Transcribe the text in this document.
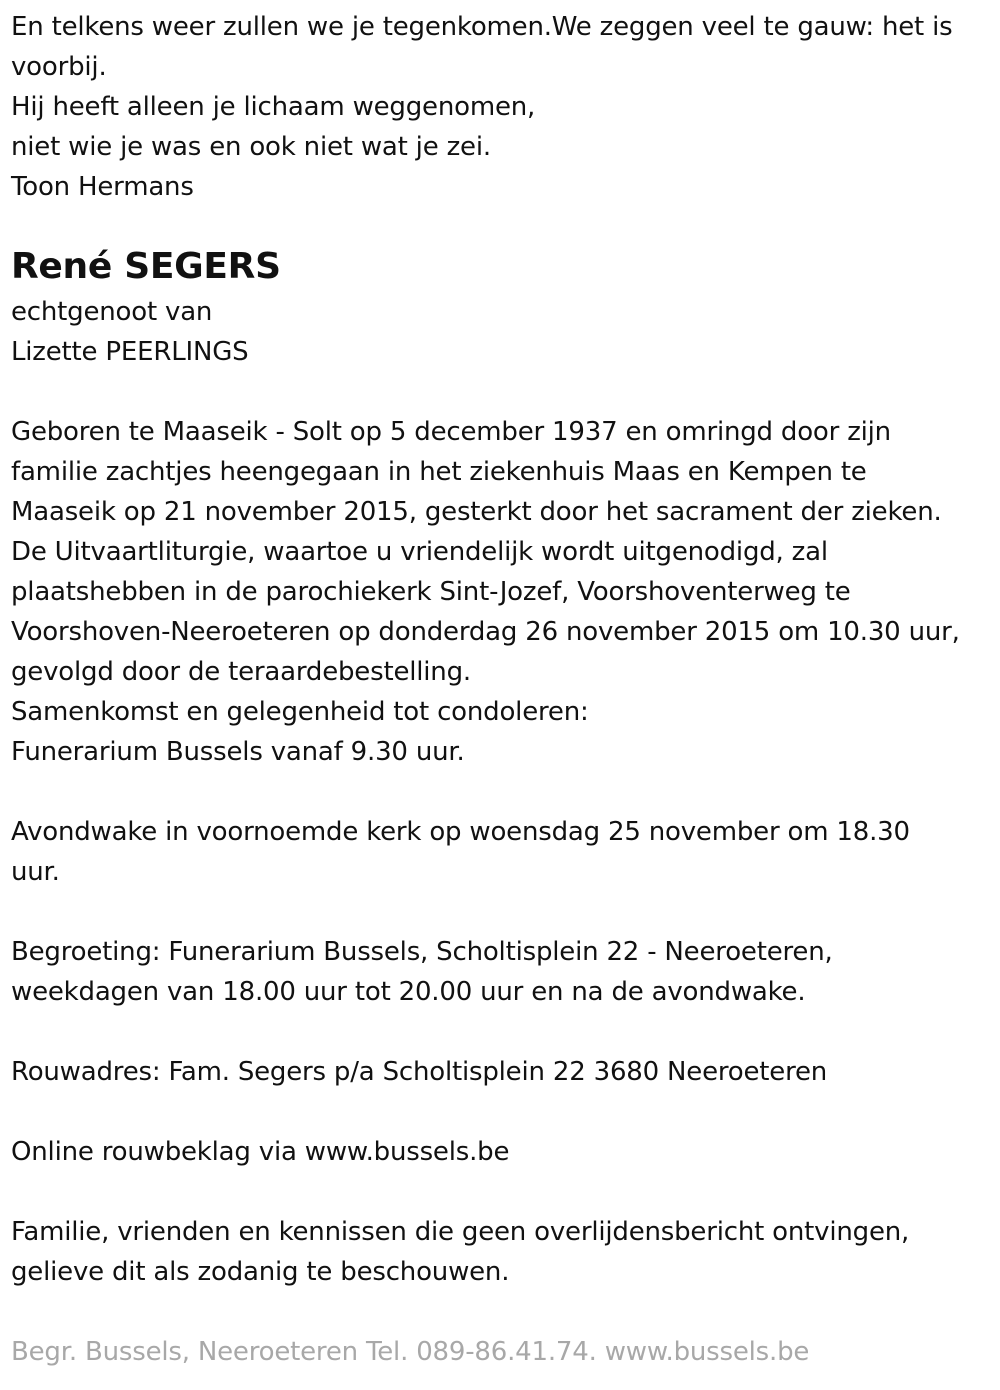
En telkens weer zullen we je tegenkomen.We zeggen veel te gauw: het is
voorbij.
Hij heeft alleen je lichaam weggenomen,
niet wie je was en ook niet wat je zei.
Toon Hermans
René SEGERS
echtgenoot van
Lizette PEERLINGS
Geboren te Maaseik - Solt op 5 december 1937 en omringd door zijn
familie zachtjes heengegaan in het ziekenhuis Maas en Kempen te
Maaseik op 21 november 2015, gesterkt door het sacrament der zieken.
De Uitvaartliturgie, waartoe u vriendelijk wordt uitgenodigd, zal
plaatshebben in de parochiekerk Sint-Jozef, Voorshoventerweg te
Voorshoven-Neeroeteren op donderdag 26 november 2015 om 10.30 uur,
gevolgd door de teraardebestelling.
Samenkomst en gelegenheid tot condoleren:
Funerarium Bussels vanaf 9.30 uur.
Avondwake in voornoemde kerk op woensdag 25 november om 18.30
uur.
Begroeting: Funerarium Bussels, Scholtisplein 22 - Neeroeteren,
weekdagen van 18.00 uur tot 20.00 uur en na de avondwake.
Rouwadres: Fam. Segers p/a Scholtisplein 22 3680 Neeroeteren
Online rouwbeklag via www.bussels.be
Familie, vrienden en kennissen die geen overlijdensbericht ontvingen,
gelieve dit als zodanig te beschouwen.
Begr. Bussels, Neeroeteren Tel. 089-86.41.74. www.bussels.be
